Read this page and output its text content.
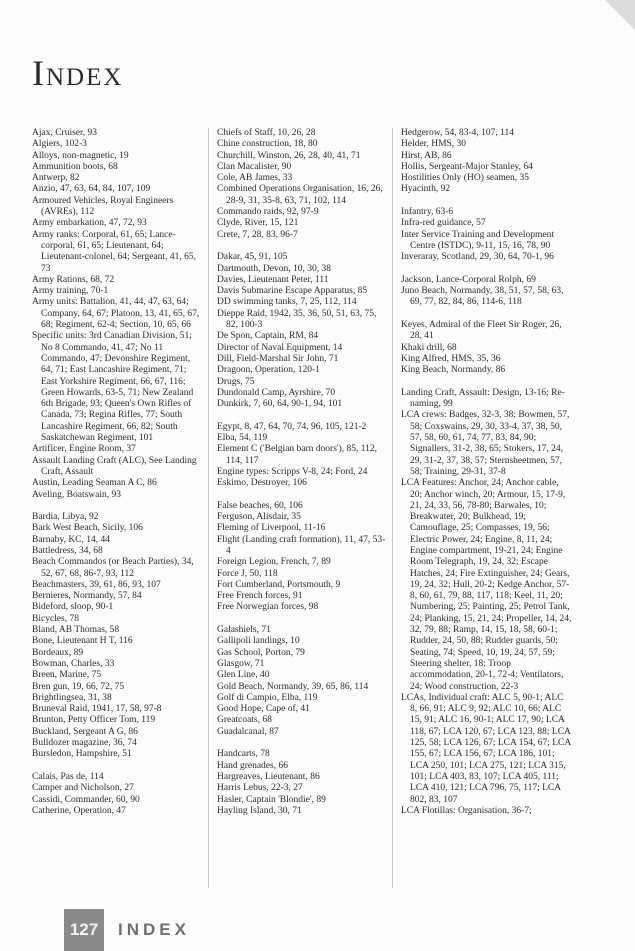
Index
Ajax, Cruiser, 93
Algiers, 102-3
Alloys, non-magnetic, 19
Ammunition boots, 68
Antwerp, 82
Anzio, 47, 63, 64, 84, 107, 109
Armoured Vehicles, Royal Engineers (AVREs), 112
Army embarkation, 47, 72, 93
Army ranks: Corporal, 61, 65; Lance-corporal, 61, 65; Lieutenant, 64; Lieutenant-colonel, 64; Sergeant, 41, 65, 73
Army Rations, 68, 72
Army training, 70-1
Army units: Battalion, 41, 44, 47, 63, 64; Company, 64, 67; Platoon, 13, 41, 65, 67, 68; Regiment, 62-4; Section, 10, 65, 66
Specific units: 3rd Canadian Division, 51; No 8 Commando, 41, 47; No 11 Commando, 47; Devonshire Regiment, 64, 71; East Lancashire Regiment, 71; East Yorkshire Regiment, 66, 67, 116; Green Howards, 63-5, 71; New Zealand 6th Brigade, 93; Queen's Own Rifles of Canada, 73; Regina Rifles, 77; South Lancashire Regiment, 66, 82; South Saskatchewan Regiment, 101
Artificer, Engine Room, 37
Assault Landing Craft (ALC), See Landing Craft, Assault
Austin, Leading Seaman A C, 86
Aveling, Boatswain, 93
Bardia, Libya, 92
Bark West Beach, Sicily, 106
Barnaby, KC, 14, 44
Battledress, 34, 68
Beach Commandos (or Beach Parties), 34, 52, 67, 68, 86-7, 93, 112
Beachmasters, 39, 61, 86, 93, 107
Bernieres, Normandy, 57, 84
Bideford, sloop, 90-1
Bicycles, 78
Bland, AB Thomas, 58
Bone, Lieutenant H T, 116
Bordeaux, 89
Bowman, Charles, 33
Breen, Marine, 75
Bren gun, 19, 66, 72, 75
Brightlingsea, 31, 38
Bruneval Raid, 1941, 17, 58, 97-8
Brunton, Petty Officer Tom, 119
Buckland, Sergeant A G, 86
Bulldozer magazine, 36, 74
Bursledon, Hampshire, 51
Calais, Pas de, 114
Camper and Nicholson, 27
Cassidi, Commander, 60, 90
Catherine, Operation, 47
Chiefs of Staff, 10, 26, 28
Chine construction, 18, 80
Churchill, Winston, 26, 28, 40, 41, 71
Clan Macalister, 90
Cole, AB James, 33
Combined Operations Organisation, 16, 26, 28-9, 31, 35-8, 63, 71, 102, 114
Commando raids, 92, 97-9
Clyde, River, 15, 121
Crete, 7, 28, 83, 96-7
Dakar, 45, 91, 105
Dartmouth, Devon, 10, 30, 38
Davies, Lieutenant Peter, 111
Davis Submarine Escape Apparatus, 85
DD swimming tanks, 7, 25, 112, 114
Dieppe Raid, 1942, 35, 36, 50, 51, 63, 75, 82, 100-3
De Spon, Captain, RM, 84
Director of Naval Equipment, 14
Dill, Field-Marshal Sir John, 71
Dragoon, Operation, 120-1
Drugs, 75
Dundonald Camp, Ayrshire, 70
Dunkirk, 7, 60, 64, 90-1, 94, 101
Egypt, 8, 47, 64, 70, 74, 96, 105, 121-2
Elba, 54, 119
Element C ('Belgian barn doors'), 85, 112, 114, 117
Engine types: Scripps V-8, 24; Ford, 24
Eskimo, Destroyer, 106
False beaches, 60, 106
Ferguson, Alisdair, 35
Fleming of Liverpool, 11-16
Flight (Landing craft formation), 11, 47, 53-4
Foreign Legion, French, 7, 89
Force J, 50, 118
Fort Cumberland, Portsmouth, 9
Free French forces, 91
Free Norwegian forces, 98
Galashiels, 71
Gallipoli landings, 10
Gas School, Porton, 79
Glasgow, 71
Glen Line, 40
Gold Beach, Normandy, 39, 65, 86, 114
Golf di Campio, Elba, 119
Good Hope, Cape of, 41
Greatcoats, 68
Guadalcanal, 87
Handcarts, 78
Hand grenades, 66
Hargreaves, Lieutenant, 86
Harris Lebus, 22-3, 27
Hasler, Captain 'Blondie', 89
Hayling Island, 30, 71
Hedgerow, 54, 83-4, 107, 114
Helder, HMS, 30
Hirst, AB, 86
Hollis, Sergeant-Major Stanley, 64
Hostilities Only (HO) seamen, 35
Hyacinth, 92
Infantry, 63-6
Infra-red guidance, 57
Inter Service Training and Development Centre (ISTDC), 9-11, 15, 16, 78, 90
Inveraray, Scotland, 29, 30, 64, 70-1, 96
Jackson, Lance-Corporal Rolph, 69
Juno Beach, Normandy, 38, 51, 57, 58, 63, 69, 77, 82, 84, 86, 114-6, 118
Keyes, Admiral of the Fleet Sir Roger, 26, 28, 41
Khaki drill, 68
King Alfred, HMS, 35, 36
King Beach, Normandy, 86
Landing Craft, Assault: Design, 13-16; Re-naming, 99
LCA crews: Badges, 32-3, 38; Bowmen, 57, 58; Coxswains, 29, 30, 33-4, 37, 38, 50, 57, 58, 60, 61, 74, 77, 83, 84, 90; Signallers, 31-2, 38, 65; Stokers, 17, 24, 29, 31-2, 37, 38, 57; Sternsheetmen, 57, 58; Training, 29-31, 37-8
LCA Features: Anchor, 24; Anchor cable, 20; Anchor winch, 20; Armour, 15, 17-9, 21, 24, 33, 56, 78-80; Barwales, 10; Breakwater, 20; Bulkhead, 19; Camouflage, 25; Compasses, 19, 56; Electric Power, 24; Engine, 8, 11, 24; Engine compartment, 19-21, 24; Engine Room Telegraph, 19, 24, 32; Escape Hatches, 24; Fire Extinguisher, 24; Gears, 19, 24, 32; Hull, 20-2; Kedge Anchor, 57-8, 60, 61, 79, 88, 117, 118; Keel, 11, 20; Numbering, 25; Painting, 25; Petrol Tank, 24; Planking, 15, 21, 24; Propeller, 14, 24, 32, 79, 88; Ramp, 14, 15, 18, 58, 60-1; Rudder, 24, 50, 88; Rudder guards, 50; Seating, 74; Speed, 10, 19, 24, 57, 59; Steering shelter, 18; Troop accommodation, 20-1, 72-4; Ventilators, 24; Wood construction, 22-3
LCAs, Individual craft: ALC 5, 90-1; ALC 8, 66, 91; ALC 9, 92; ALC 10, 66; ALC 15, 91; ALC 16, 90-1; ALC 17, 90; LCA 118, 67; LCA 120, 67; LCA 123, 88; LCA 125, 58; LCA 126, 67; LCA 154, 67; LCA 155, 67; LCA 156, 67; LCA 186, 101; LCA 250, 101; LCA 275, 121; LCA 315, 101; LCA 403, 83, 107; LCA 405, 111; LCA 410, 121; LCA 796, 75, 117; LCA 802, 83, 107
LCA Flotillas: Organisation, 36-7;
127	INDEX
